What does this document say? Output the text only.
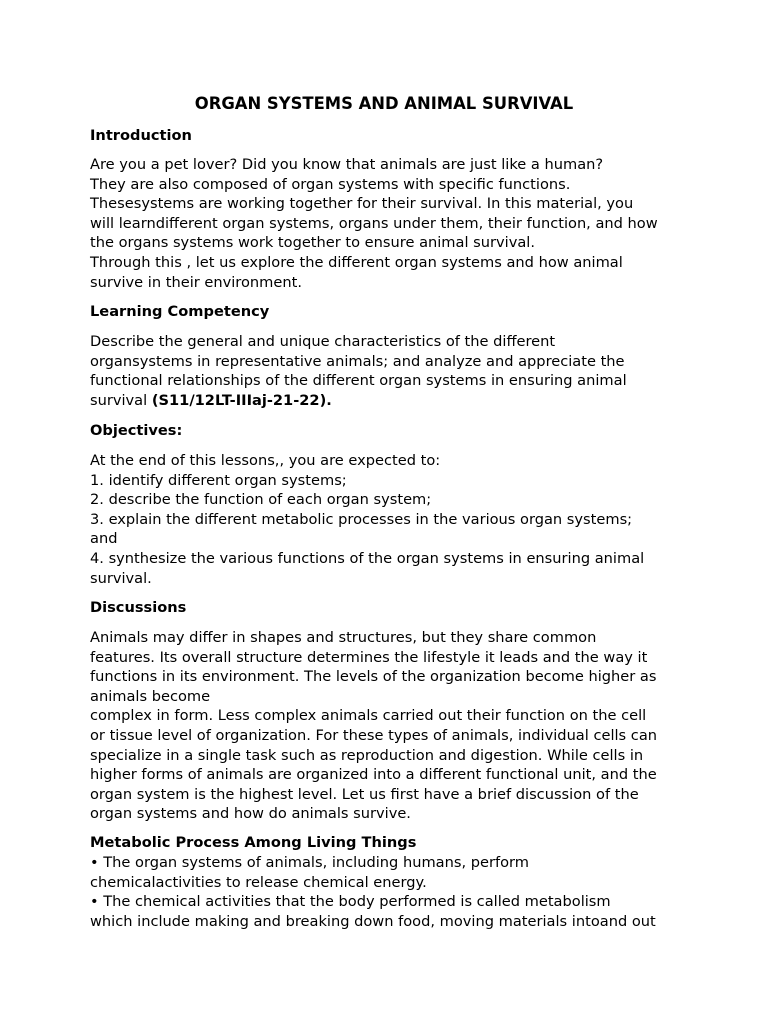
ORGAN SYSTEMS AND ANIMAL SURVIVAL
Introduction
Are you a pet lover? Did you know that animals are just like a human?
They are also composed of organ systems with specific functions.
Thesesystems are working together for their survival. In this material, you
will learndifferent organ systems, organs under them, their function, and how
the organs systems work together to ensure animal survival.
Through this , let us explore the different organ systems and how animal
survive in their environment.
Learning Competency
Describe the general and unique characteristics of the different
organsystems in representative animals; and analyze and appreciate the
functional relationships of the different organ systems in ensuring animal
survival (S11/12LT-IIIaj-21-22).
Objectives:
At the end of this lessons,, you are expected to:
1. identify different organ systems;
2. describe the function of each organ system;
3. explain the different metabolic processes in the various organ systems;
and
4. synthesize the various functions of the organ systems in ensuring animal
survival.
Discussions
Animals may differ in shapes and structures, but they share common
features. Its overall structure determines the lifestyle it leads and the way it
functions in its environment. The levels of the organization become higher as
animals become
complex in form. Less complex animals carried out their function on the cell
or tissue level of organization. For these types of animals, individual cells can
specialize in a single task such as reproduction and digestion. While cells in
higher forms of animals are organized into a different functional unit, and the
organ system is the highest level. Let us first have a brief discussion of the
organ systems and how do animals survive.
Metabolic Process Among Living Things
• The organ systems of animals, including humans, perform
chemicalactivities to release chemical energy.
• The chemical activities that the body performed is called metabolism
which include making and breaking down food, moving materials intoand out
